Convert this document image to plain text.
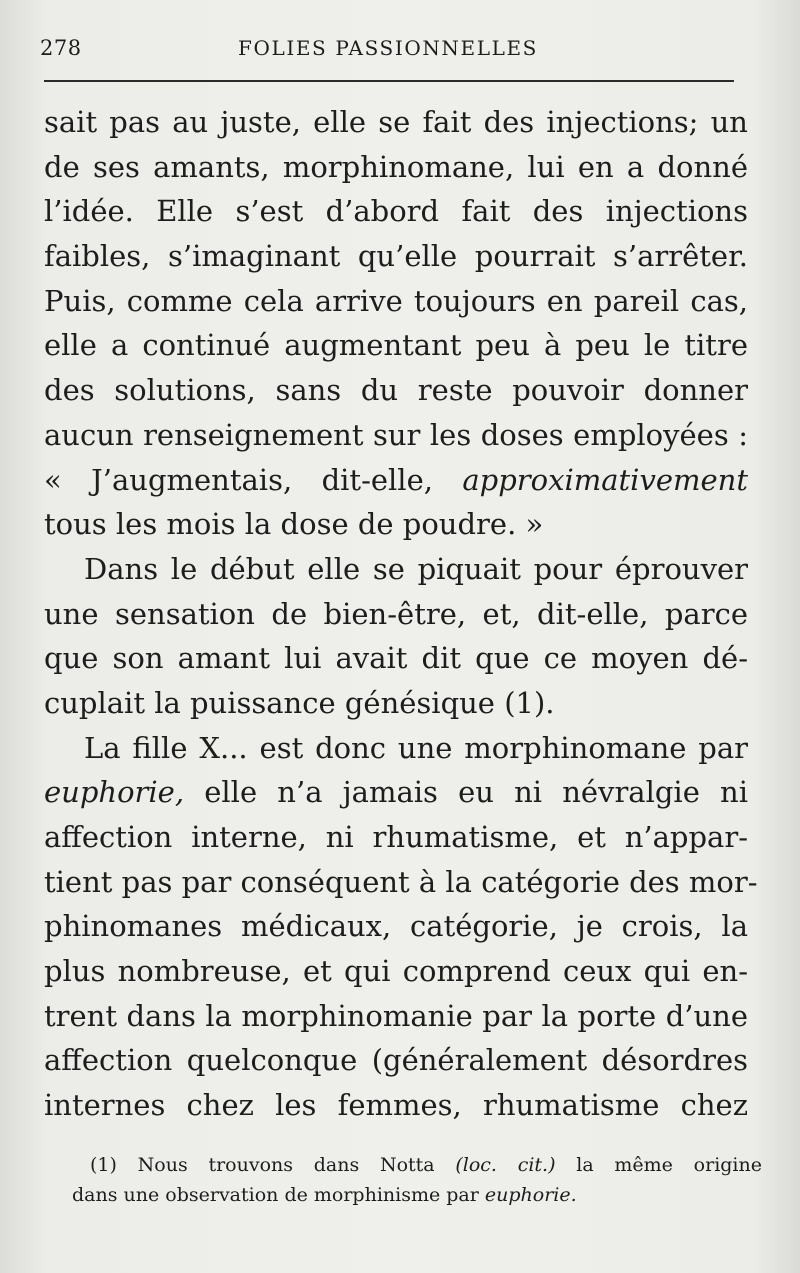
278	FOLIES PASSIONNELLES
sait pas au juste, elle se fait des injections; un
de ses amants, morphinomane, lui en a donné
l’idée. Elle s’est d’abord fait des injections
faibles, s’imaginant qu’elle pourrait s’arrêter.
Puis, comme cela arrive toujours en pareil cas,
elle a continué augmentant peu à peu le titre
des solutions, sans du reste pouvoir donner
aucun renseignement sur les doses employées :
« J’augmentais, dit-elle, approximativement
tous les mois la dose de poudre. »
Dans le début elle se piquait pour éprouver
une sensation de bien-être, et, dit-elle, parce
que son amant lui avait dit que ce moyen dé-
cuplait la puissance génésique (1).
La fille X... est donc une morphinomane par
euphorie, elle n’a jamais eu ni névralgie ni
affection interne, ni rhumatisme, et n’appar-
tient pas par conséquent à la catégorie des mor-
phinomanes médicaux, catégorie, je crois, la
plus nombreuse, et qui comprend ceux qui en-
trent dans la morphinomanie par la porte d’une
affection quelconque (généralement désordres
internes chez les femmes, rhumatisme chez
(1) Nous trouvons dans Notta (loc. cit.) la même origine
dans une observation de morphinisme par euphorie.
